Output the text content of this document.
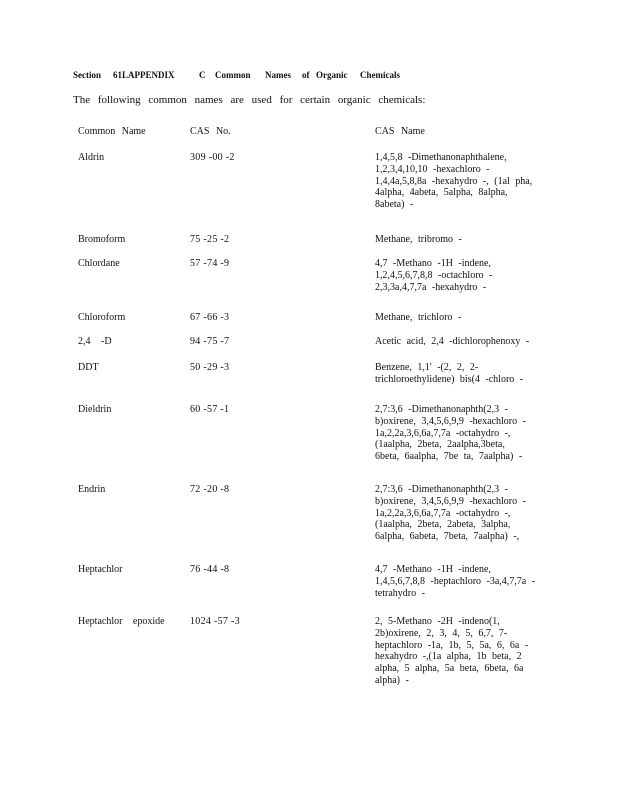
Section 61LAPPENDIX	C Common Names of Organic Chemicals
The following common names are used for certain organic chemicals:
Common Name	CAS No.	CAS Name
Aldrin	309 -00 -2	1,4,5,8 -Dimethanonaphthalene,
1,2,3,4,10,10 -hexachloro -
1,4,4a,5,8,8a -hexahydro -, (1al pha,
4alpha, 4abeta, 5alpha, 8alpha,
8abeta) -
Bromoform	75 -25 -2	Methane, tribromo -
Chlordane	57 -74 -9	4,7 -Methano -1H -indene,
1,2,4,5,6,7,8,8 -octachloro -
2,3,3a,4,7,7a -hexahydro -
Chloroform	67 -66 -3	Methane, trichloro -
2,4 -D	94 -75 -7	Acetic acid, 2,4 -dichlorophenoxy -
DDT	50 -29 -3	Benzene, 1,1' -(2, 2, 2-
trichloroethylidene) bis(4 -chloro -
Dieldrin	60 -57 -1	2,7:3,6 -Dimethanonaphth(2,3 -
b)oxirene, 3,4,5,6,9,9 -hexachloro -
1a,2,2a,3,6,6a,7,7a -octahydro -,
(1aalpha, 2beta, 2aalpha,3beta,
6beta, 6aalpha, 7be ta, 7aalpha) -
Endrin	72 -20 -8	2,7:3,6 -Dimethanonaphth(2,3 -
b)oxirene, 3,4,5,6,9,9 -hexachloro -
1a,2,2a,3,6,6a,7,7a -octahydro -,
(1aalpha, 2beta, 2abeta, 3alpha,
6alpha, 6abeta, 7beta, 7aalpha) -,
Heptachlor	76 -44 -8	4,7 -Methano -1H -indene,
1,4,5,6,7,8,8 -heptachloro -3a,4,7,7a -
tetrahydro -
Heptachlor epoxide	1024 -57 -3	2, 5-Methano -2H -indeno(1,
2b)oxirene, 2, 3, 4, 5, 6,7, 7-
heptachloro -1a, 1b, 5, 5a, 6, 6a -
hexahydro -,(1a alpha, 1b beta, 2
alpha, 5 alpha, 5a beta, 6beta, 6a
alpha) -
